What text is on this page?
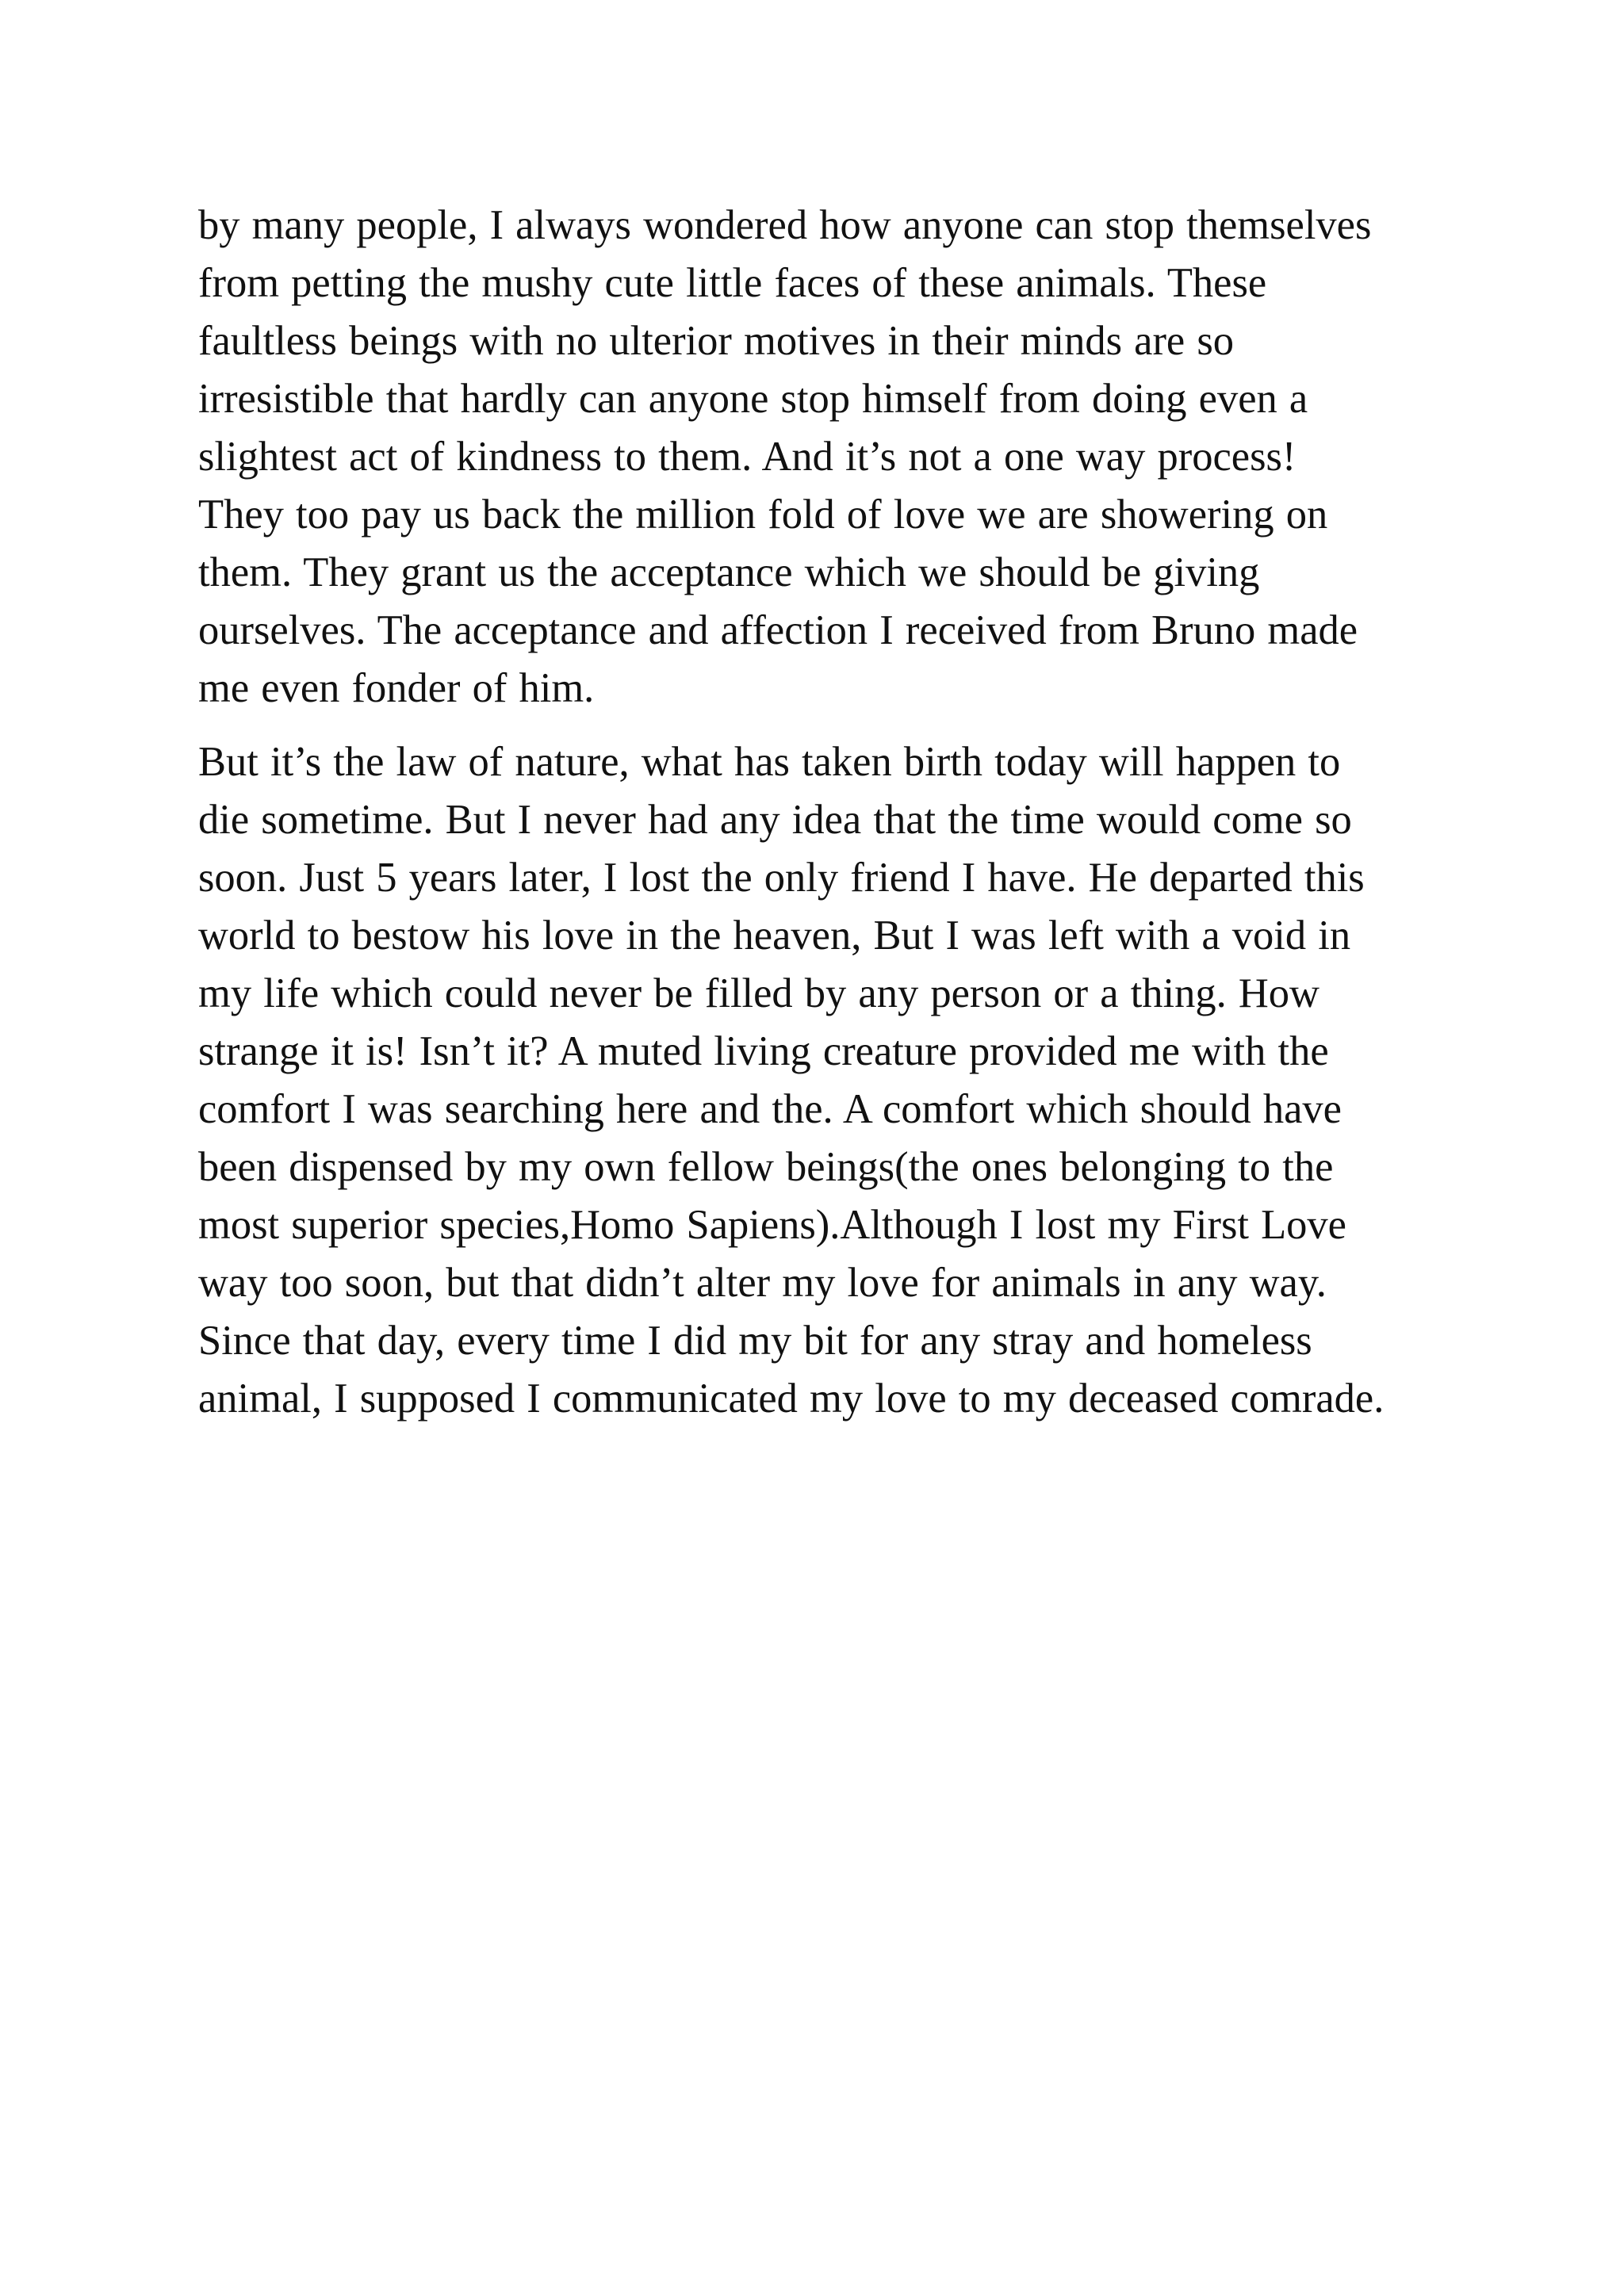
by many people, I always wondered how anyone can stop themselves
from petting the mushy cute little faces of these animals. These
faultless beings with no ulterior motives in their minds are so
irresistible that hardly can anyone stop himself from doing even a
slightest act of kindness to them. And it’s not a one way process!
They too pay us back the million fold of love we are showering on
them. They grant us the acceptance which we should be giving
ourselves. The acceptance and affection I received from Bruno made
me even fonder of him.

But it’s the law of nature, what has taken birth today will happen to
die sometime. But I never had any idea that the time would come so
soon. Just 5 years later, I lost the only friend I have. He departed this
world to bestow his love in the heaven, But I was left with a void in
my life which could never be filled by any person or a thing. How
strange it is! Isn’t it? A muted living creature provided me with the
comfort I was searching here and the. A comfort which should have
been dispensed by my own fellow beings(the ones belonging to the
most superior species,Homo Sapiens).Although I lost my First Love
way too soon, but that didn’t alter my love for animals in any way.
Since that day, every time I did my bit for any stray and homeless
animal, I supposed I communicated my love to my deceased comrade.
